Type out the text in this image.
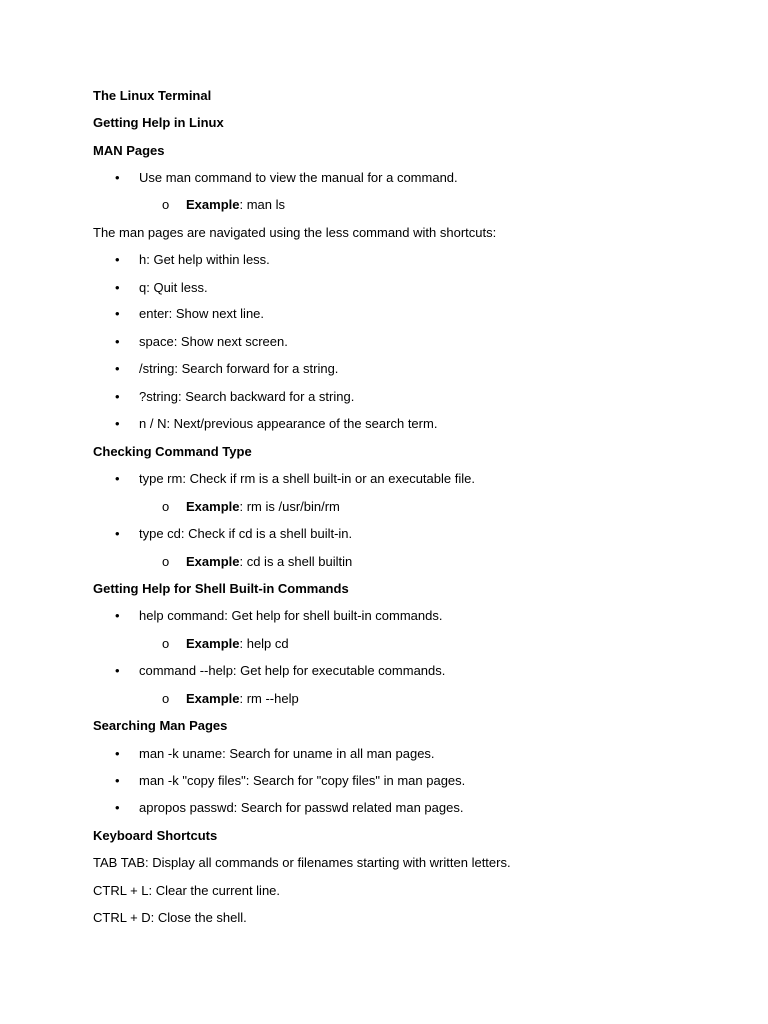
The Linux Terminal
Getting Help in Linux
MAN Pages
•	Use man command to view the manual for a command.
o Example: man ls
The man pages are navigated using the less command with shortcuts:
•	h: Get help within less.
•	q: Quit less.
•	enter: Show next line.
•	space: Show next screen.
•	/string: Search forward for a string.
•	?string: Search backward for a string.
•	n / N: Next/previous appearance of the search term.
Checking Command Type
•	type rm: Check if rm is a shell built-in or an executable file.
o Example: rm is /usr/bin/rm
•	type cd: Check if cd is a shell built-in.
o Example: cd is a shell builtin
Getting Help for Shell Built-in Commands
•	help command: Get help for shell built-in commands.
o Example: help cd
•	command --help: Get help for executable commands.
o Example: rm --help
Searching Man Pages
•	man -k uname: Search for uname in all man pages.
•	man -k "copy files": Search for "copy files" in man pages.
•	apropos passwd: Search for passwd related man pages.
Keyboard Shortcuts
TAB TAB: Display all commands or filenames starting with written letters.
CTRL + L: Clear the current line.
CTRL + D: Close the shell.
